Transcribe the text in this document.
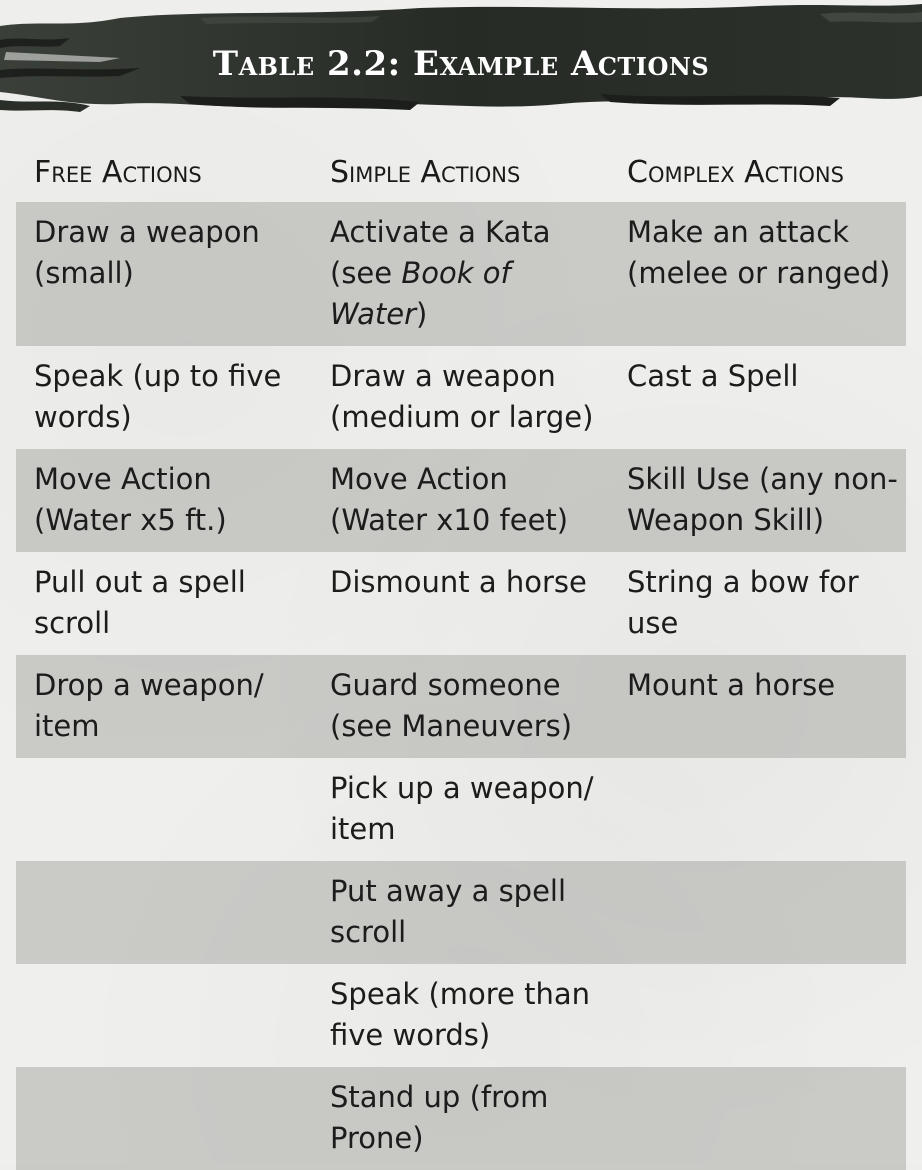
Table 2.2: Example Actions
Free Actions	Simple Actions	Complex Actions
Draw a weapon (small)	Activate a Kata (see Book of Water)	Make an attack (melee or ranged)
Speak (up to five words)	Draw a weapon (medium or large)	Cast a Spell
Move Action (Water x5 ft.)	Move Action (Water x10 feet)	Skill Use (any non-Weapon Skill)
Pull out a spell scroll	Dismount a horse	String a bow for use
Drop a weapon/ item	Guard someone (see Maneuvers)	Mount a horse
	Pick up a weapon/ item	
	Put away a spell scroll	
	Speak (more than five words)	
	Stand up (from Prone)	
